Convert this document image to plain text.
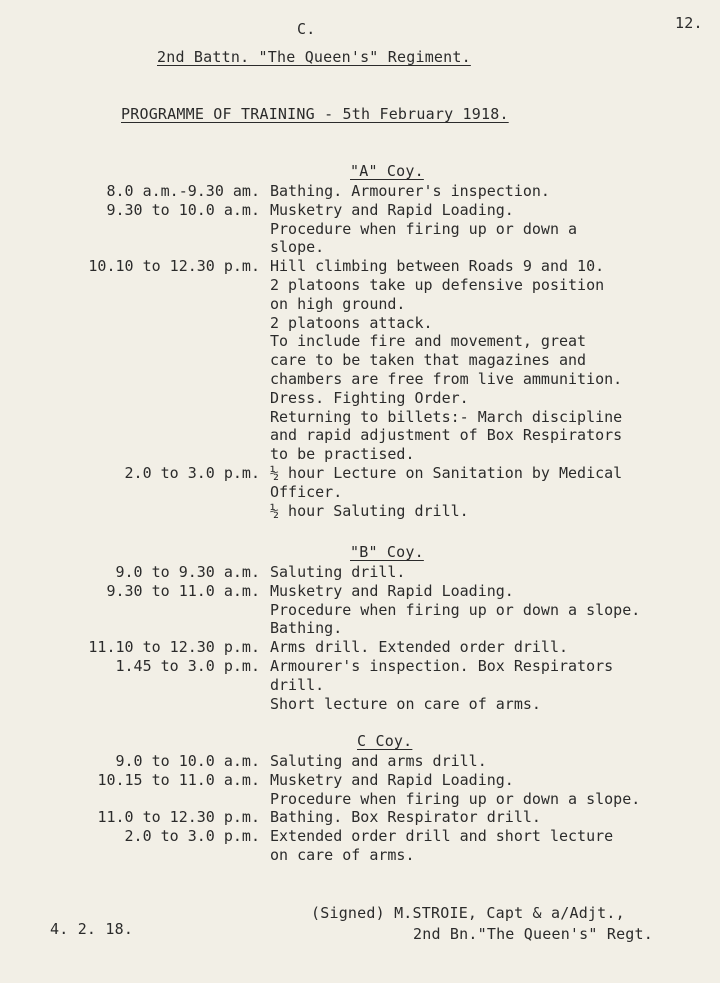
C.	12.
2nd Battn. "The Queen's" Regiment.
PROGRAMME OF TRAINING - 5th February 1918.
"A" Coy.
8.0 a.m.-9.30 am. Bathing. Armourer's inspection.
9.30 to 10.0 a.m. Musketry and Rapid Loading.
Procedure when firing up or down a
slope.
10.10 to 12.30 p.m. Hill climbing between Roads 9 and 10.
2 platoons take up defensive position
on high ground.
2 platoons attack.
To include fire and movement, great
care to be taken that magazines and
chambers are free from live ammunition.
Dress. Fighting Order.
Returning to billets:- March discipline
and rapid adjustment of Box Respirators
to be practised.
2.0 to 3.0 p.m. ½ hour Lecture on Sanitation by Medical
Officer.
½ hour Saluting drill.
"B" Coy.
9.0 to 9.30 a.m. Saluting drill.
9.30 to 11.0 a.m. Musketry and Rapid Loading.
Procedure when firing up or down a slope.
Bathing.
11.10 to 12.30 p.m. Arms drill. Extended order drill.
1.45 to 3.0 p.m. Armourer's inspection. Box Respirators
drill.
Short lecture on care of arms.
C Coy.
9.0 to 10.0 a.m. Saluting and arms drill.
10.15 to 11.0 a.m. Musketry and Rapid Loading.
Procedure when firing up or down a slope.
11.0 to 12.30 p.m. Bathing. Box Respirator drill.
2.0 to 3.0 p.m. Extended order drill and short lecture
on care of arms.
4. 2. 18.
(Signed) M.STROIE, Capt & a/Adjt.,
2nd Bn."The Queen's" Regt.
